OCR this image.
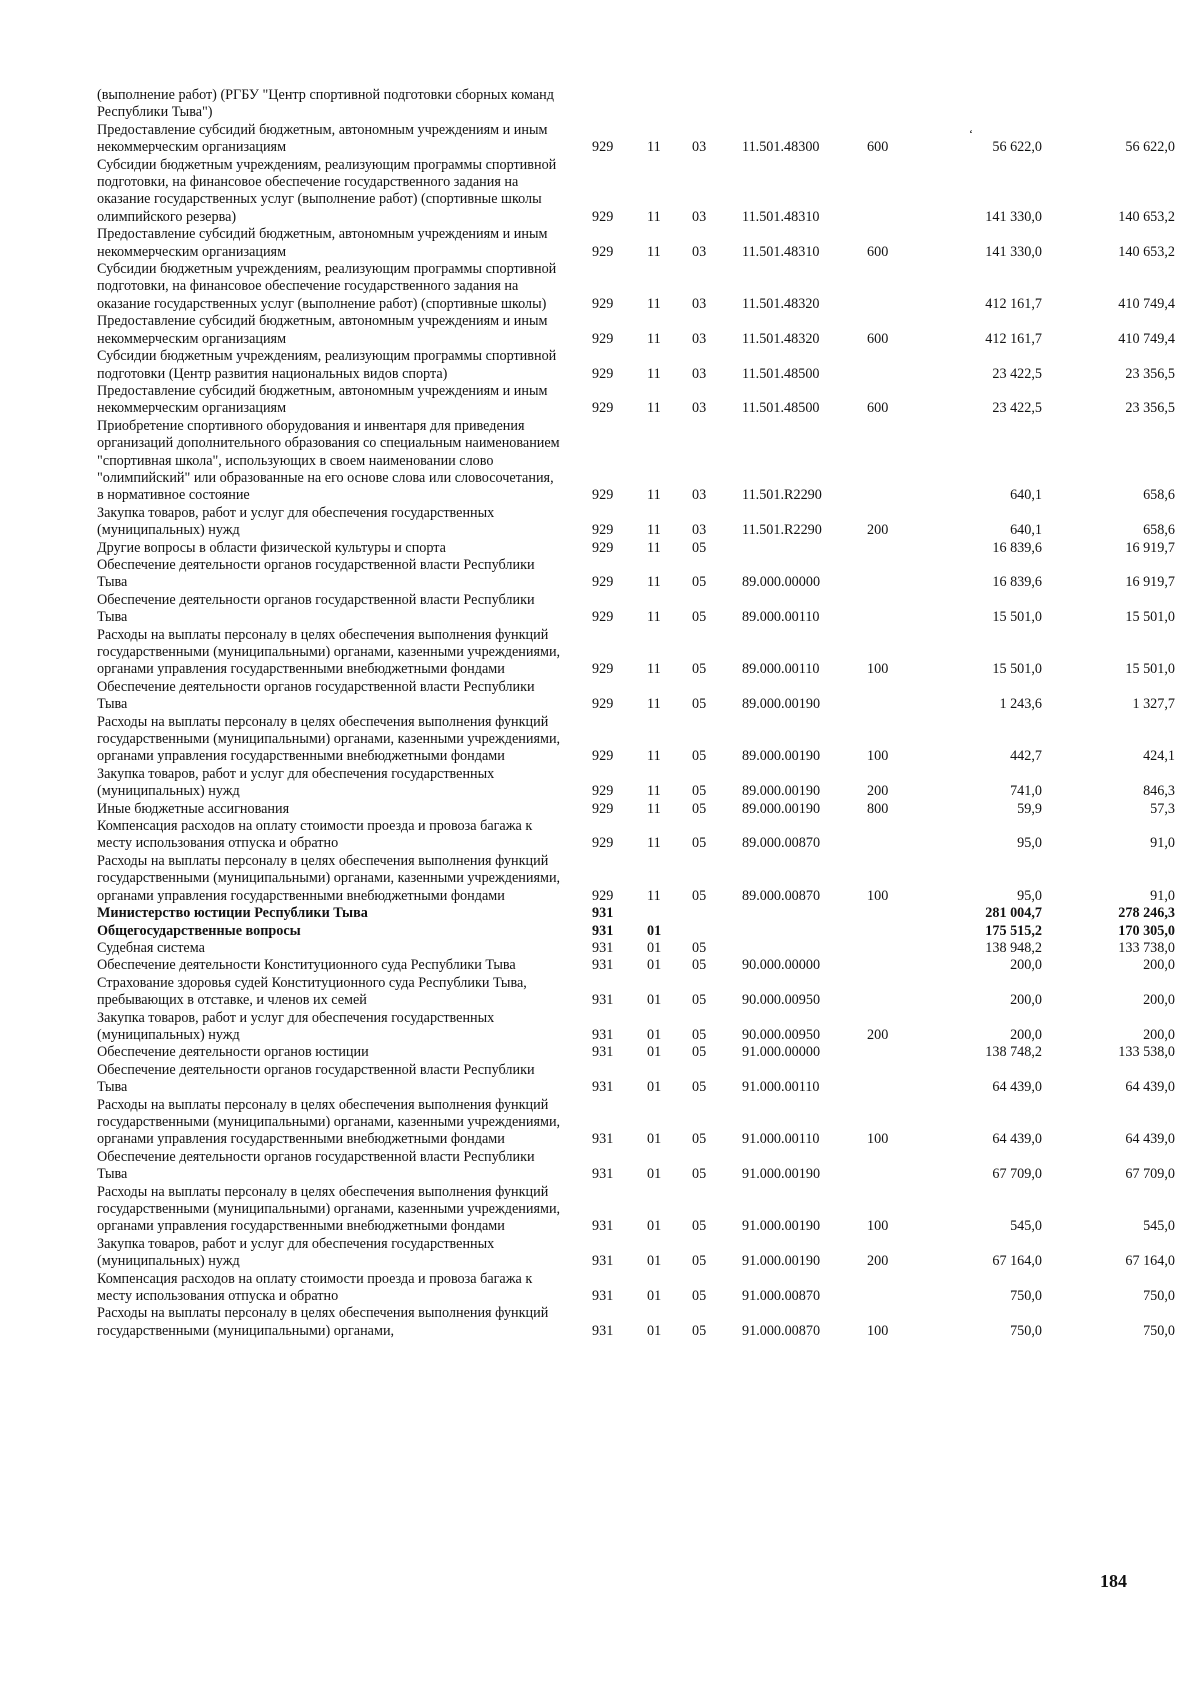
‘
(выполнение работ) (РГБУ "Центр спортивной подготовки сборных команд Республики Тыва")							
Предоставление субсидий бюджетным, автономным учреждениям и иным некоммерческим организациям	929	11	03	11.501.48300	600	56 622,0	56 622,0
Субсидии бюджетным учреждениям, реализующим программы спортивной подготовки, на финансовое обеспечение государственного задания на оказание государственных услуг (выполнение работ) (спортивные школы олимпийского резерва)	929	11	03	11.501.48310		141 330,0	140 653,2
Предоставление субсидий бюджетным, автономным учреждениям и иным некоммерческим организациям	929	11	03	11.501.48310	600	141 330,0	140 653,2
Субсидии бюджетным учреждениям, реализующим программы спортивной подготовки, на финансовое обеспечение государственного задания на оказание государственных услуг (выполнение работ) (спортивные школы)	929	11	03	11.501.48320		412 161,7	410 749,4
Предоставление субсидий бюджетным, автономным учреждениям и иным некоммерческим организациям	929	11	03	11.501.48320	600	412 161,7	410 749,4
Субсидии бюджетным учреждениям, реализующим программы спортивной подготовки (Центр развития национальных видов спорта)	929	11	03	11.501.48500		23 422,5	23 356,5
Предоставление субсидий бюджетным, автономным учреждениям и иным некоммерческим организациям	929	11	03	11.501.48500	600	23 422,5	23 356,5
Приобретение спортивного оборудования и инвентаря для приведения организаций дополнительного образования со специальным наименованием "спортивная школа", использующих в своем наименовании слово "олимпийский" или образованные на его основе слова или словосочетания, в нормативное состояние	929	11	03	11.501.R2290		640,1	658,6
Закупка товаров, работ и услуг для обеспечения государственных (муниципальных) нужд	929	11	03	11.501.R2290	200	640,1	658,6
Другие вопросы в области физической культуры и спорта	929	11	05			16 839,6	16 919,7
Обеспечение деятельности органов государственной власти Республики Тыва	929	11	05	89.000.00000		16 839,6	16 919,7
Обеспечение деятельности органов государственной власти Республики Тыва	929	11	05	89.000.00110		15 501,0	15 501,0
Расходы на выплаты персоналу в целях обеспечения выполнения функций государственными (муниципальными) органами, казенными учреждениями, органами управления государственными внебюджетными фондами	929	11	05	89.000.00110	100	15 501,0	15 501,0
Обеспечение деятельности органов государственной власти Республики Тыва	929	11	05	89.000.00190		1 243,6	1 327,7
Расходы на выплаты персоналу в целях обеспечения выполнения функций государственными (муниципальными) органами, казенными учреждениями, органами управления государственными внебюджетными фондами	929	11	05	89.000.00190	100	442,7	424,1
Закупка товаров, работ и услуг для обеспечения государственных (муниципальных) нужд	929	11	05	89.000.00190	200	741,0	846,3
Иные бюджетные ассигнования	929	11	05	89.000.00190	800	59,9	57,3
Компенсация расходов на оплату стоимости проезда и провоза багажа к месту использования отпуска и обратно	929	11	05	89.000.00870		95,0	91,0
Расходы на выплаты персоналу в целях обеспечения выполнения функций государственными (муниципальными) органами, казенными учреждениями, органами управления государственными внебюджетными фондами	929	11	05	89.000.00870	100	95,0	91,0
Министерство юстиции Республики Тыва	931					281 004,7	278 246,3
Общегосударственные вопросы	931	01				175 515,2	170 305,0
Судебная система	931	01	05			138 948,2	133 738,0
Обеспечение деятельности Конституционного суда Республики Тыва	931	01	05	90.000.00000		200,0	200,0
Страхование здоровья судей Конституционного суда Республики Тыва, пребывающих в отставке, и членов их семей	931	01	05	90.000.00950		200,0	200,0
Закупка товаров, работ и услуг для обеспечения государственных (муниципальных) нужд	931	01	05	90.000.00950	200	200,0	200,0
Обеспечение деятельности органов юстиции	931	01	05	91.000.00000		138 748,2	133 538,0
Обеспечение деятельности органов государственной власти Республики Тыва	931	01	05	91.000.00110		64 439,0	64 439,0
Расходы на выплаты персоналу в целях обеспечения выполнения функций государственными (муниципальными) органами, казенными учреждениями, органами управления государственными внебюджетными фондами	931	01	05	91.000.00110	100	64 439,0	64 439,0
Обеспечение деятельности органов государственной власти Республики Тыва	931	01	05	91.000.00190		67 709,0	67 709,0
Расходы на выплаты персоналу в целях обеспечения выполнения функций государственными (муниципальными) органами, казенными учреждениями, органами управления государственными внебюджетными фондами	931	01	05	91.000.00190	100	545,0	545,0
Закупка товаров, работ и услуг для обеспечения государственных (муниципальных) нужд	931	01	05	91.000.00190	200	67 164,0	67 164,0
Компенсация расходов на оплату стоимости проезда и провоза багажа к месту использования отпуска и обратно	931	01	05	91.000.00870		750,0	750,0
Расходы на выплаты персоналу в целях обеспечения выполнения функций государственными (муниципальными) органами,	931	01	05	91.000.00870	100	750,0	750,0
184
